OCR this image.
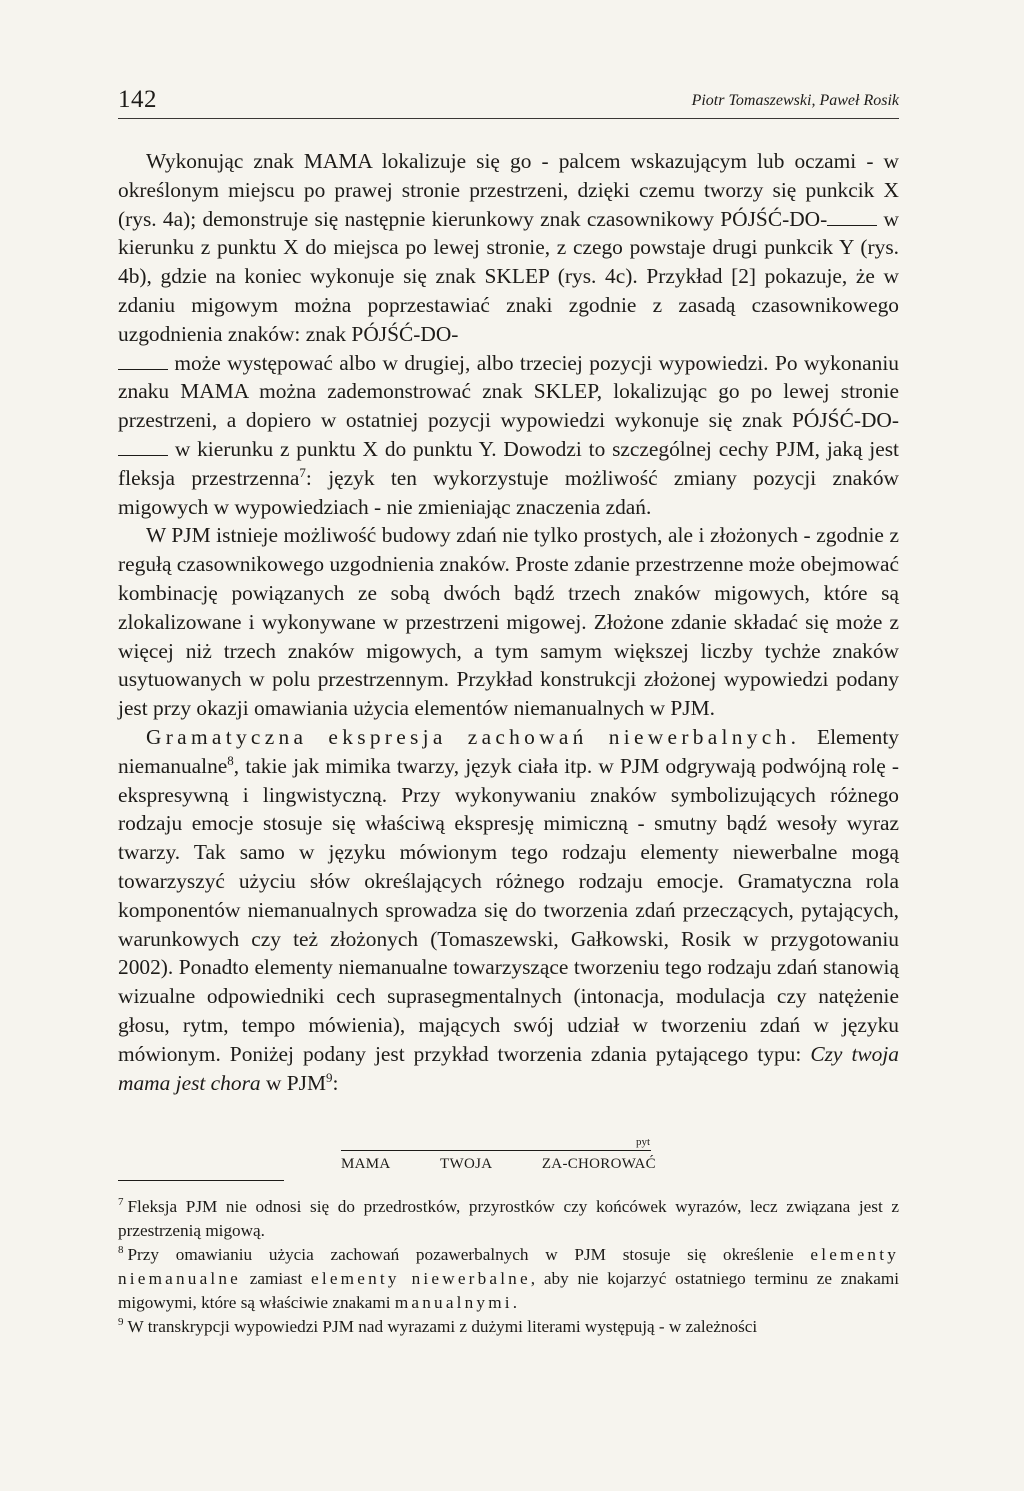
142	Piotr Tomaszewski, Paweł Rosik

Wykonując znak MAMA lokalizuje się go - palcem wskazującym lub oczami - w określonym miejscu po prawej stronie przestrzeni, dzięki czemu tworzy się punkcik X (rys. 4a); demonstruje się następnie kierunkowy znak czasownikowy PÓJŚĆ-DO- w kierunku z punktu X do miejsca po lewej stronie, z czego powstaje drugi punkcik Y (rys. 4b), gdzie na koniec wykonuje się znak SKLEP (rys. 4c). Przykład [2] pokazuje, że w zdaniu migowym można poprzestawiać znaki zgodnie z zasadą czasownikowego uzgodnienia znaków: znak PÓJŚĆ-DO-
może występować albo w drugiej, albo trzeciej pozycji wypowiedzi. Po wykonaniu znaku MAMA można zademonstrować znak SKLEP, lokalizując go po lewej stronie przestrzeni, a dopiero w ostatniej pozycji wypowiedzi wykonuje się znak PÓJŚĆ-DO- w kierunku z punktu X do punktu Y. Dowodzi to szczególnej cechy PJM, jaką jest fleksja przestrzenna$^7$: język ten wykorzystuje możliwość zmiany pozycji znaków migowych w wypowiedziach - nie zmieniając znaczenia zdań.

W PJM istnieje możliwość budowy zdań nie tylko prostych, ale i złożonych - zgodnie z regułą czasownikowego uzgodnienia znaków. Proste zdanie przestrzenne może obejmować kombinację powiązanych ze sobą dwóch bądź trzech znaków migowych, które są zlokalizowane i wykonywane w przestrzeni migowej. Złożone zdanie składać się może z więcej niż trzech znaków migowych, a tym samym większej liczby tychże znaków usytuowanych w polu przestrzennym. Przykład konstrukcji złożonej wypowiedzi podany jest przy okazji omawiania użycia elementów niemanualnych w PJM.

Gramatyczna ekspresja zachowań niewerbalnych. Elementy niemanualne$^8$, takie jak mimika twarzy, język ciała itp. w PJM odgrywają podwójną rolę - ekspresywną i lingwistyczną. Przy wykonywaniu znaków symbolizujących różnego rodzaju emocje stosuje się właściwą ekspresję mimiczną - smutny bądź wesoły wyraz twarzy. Tak samo w języku mówionym tego rodzaju elementy niewerbalne mogą towarzyszyć użyciu słów określających różnego rodzaju emocje. Gramatyczna rola komponentów niemanualnych sprowadza się do tworzenia zdań przeczących, pytających, warunkowych czy też złożonych (Tomaszewski, Gałkowski, Rosik w przygotowaniu 2002). Ponadto elementy niemanualne towarzyszące tworzeniu tego rodzaju zdań stanowią wizualne odpowiedniki cech suprasegmentalnych (intonacja, modulacja czy natężenie głosu, rytm, tempo mówienia), mających swój udział w tworzeniu zdań w języku mówionym. Poniżej podany jest przykład tworzenia zdania pytającego typu: Czy twoja mama jest chora w PJM$^9$:

pyt
MAMA	TWOJA	ZA-CHOROWAĆ

$^7$ Fleksja PJM nie odnosi się do przedrostków, przyrostków czy końcówek wyrazów, lecz związana jest z przestrzenią migową.

$^8$ Przy omawianiu użycia zachowań pozawerbalnych w PJM stosuje się określenie elementy niemanualne zamiast elementy niewerbalne, aby nie kojarzyć ostatniego terminu ze znakami migowymi, które są właściwie znakami manualnymi.

$^9$ W transkrypcji wypowiedzi PJM nad wyrazami z dużymi literami występują - w zależności
